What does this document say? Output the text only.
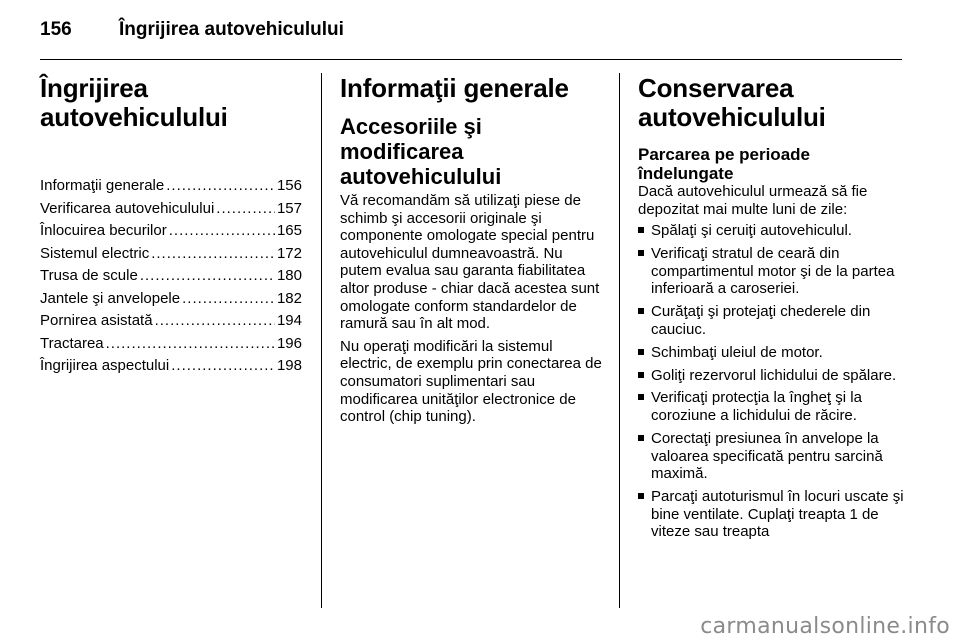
156 Îngrijirea autovehiculului
Îngrijirea autovehiculului
Informaţii generale .....	156
Verificarea autovehiculului .....	157
Înlocuirea becurilor .....	165
Sistemul electric .....	172
Trusa de scule .....	180
Jantele şi anvelopele .....	182
Pornirea asistată .....	194
Tractarea .....	196
Îngrijirea aspectului .....	198
Informaţii generale
Accesoriile şi modificarea autovehiculului

Vă recomandăm să utilizaţi piese de schimb şi accesorii originale şi componente omologate special pentru autovehiculul dumneavoastră. Nu putem evalua sau garanta fiabilitatea altor produse - chiar dacă acestea sunt omologate conform standardelor de ramură sau în alt mod.

Nu operaţi modificări la sistemul electric, de exemplu prin conectarea de consumatori suplimentari sau modificarea unităţilor electronice de control (chip tuning).

Conservarea autovehiculului
Parcarea pe perioade îndelungate

Dacă autovehiculul urmează să fie depozitat mai multe luni de zile:

Spălaţi şi ceruiţi autovehiculul.
Verificaţi stratul de ceară din compartimentul motor şi de la partea inferioară a caroseriei.
Curăţaţi şi protejaţi chederele din cauciuc.
Schimbaţi uleiul de motor.
Goliţi rezervorul lichidului de spălare.
Verificaţi protecţia la îngheţ şi la coroziune a lichidului de răcire.
Corectaţi presiunea în anvelope la valoarea specificată pentru sarcină maximă.
Parcaţi autoturismul în locuri uscate şi bine ventilate. Cuplaţi treapta 1 de viteze sau treapta
carmanualsonline.info
